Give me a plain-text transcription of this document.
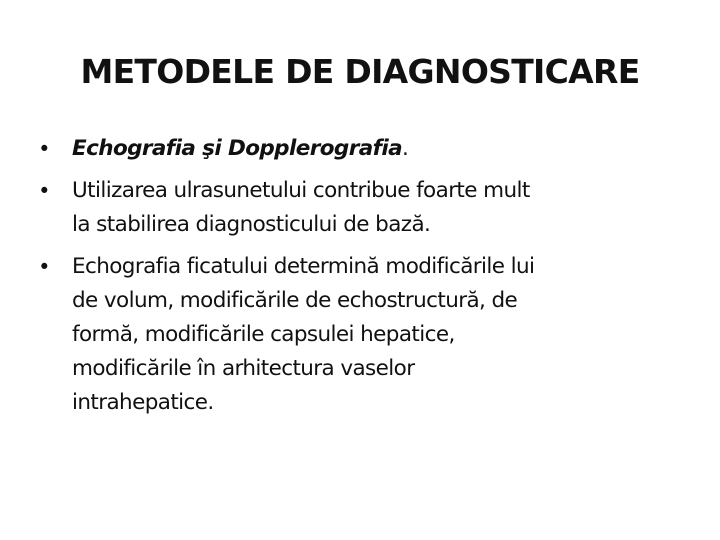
METODELE DE DIAGNOSTICARE
• Echografia şi Dopplerografia.
• Utilizarea ulrasunetului contribue foarte mult
la stabilirea diagnosticului de bază.
• Echografia ficatului determină modificările lui
de volum, modificările de echostructură, de
formă, modificările capsulei hepatice,
modificările în arhitectura vaselor
intrahepatice.
